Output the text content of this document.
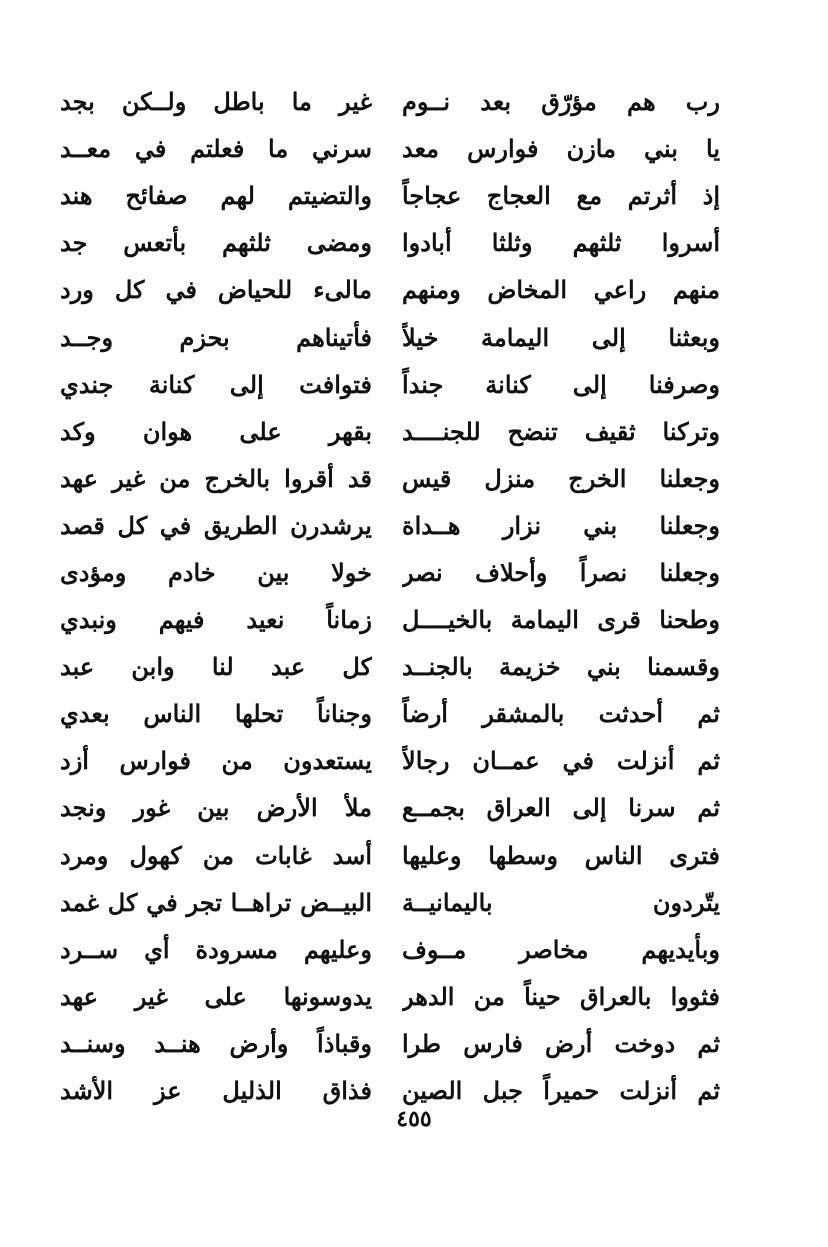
رب هم مؤرّق بعد نــوم
غير ما باطل ولــكن بجد
يا بني مازن فوارس معد
سرني ما فعلتم في معــد
إذ أثرتم مع العجاج عجاجاً
والتضيتم لهم صفائح هند
أسروا ثلثهم وثلثا أبادوا
ومضى ثلثهم بأتعس جد
منهم راعي المخاض ومنهم
مالىء للحياض في كل ورد
وبعثنا إلى اليمامة خيلاً
فأتيناهم بحزم وجــد
وصرفنا إلى كنانة جنداً
فتوافت إلى كنانة جندي
وتركنا ثقيف تنضح للجنــــد
بقهر على هوان وكد
وجعلنا الخرج منزل قيس
قد أقروا بالخرج من غير عهد
وجعلنا بني نزار هــداة
يرشدرن الطريق في كل قصد
وجعلنا نصراً وأحلاف نصر
خولا بين خادم ومؤدى
وطحنا قرى اليمامة بالخيــــل
زماناً نعيد فيهم ونبدي
وقسمنا بني خزيمة بالجنــد
كل عبد لنا وابن عبد
ثم أحدثت بالمشقر أرضاً
وجناناً تحلها الناس بعدي
ثم أنزلت في عمــان رجالاً
يستعدون من فوارس أزد
ثم سرنا إلى العراق بجمــع
ملأ الأرض بين غور ونجد
فترى الناس وسطها وعليها
أسد غابات من كهول ومرد
يتّردون باليمانيــة
البيــض تراهــا تجر في كل غمد
وبأيديهم مخاصر مــوف
وعليهم مسرودة أي ســرد
فثووا بالعراق حيناً من الدهر
يدوسونها على غير عهد
ثم دوخت أرض فارس طرا
وقباذاً وأرض هنــد وسنــد
ثم أنزلت حميراً جبل الصين
فذاق الذليل عز الأشد
٤٥٥
